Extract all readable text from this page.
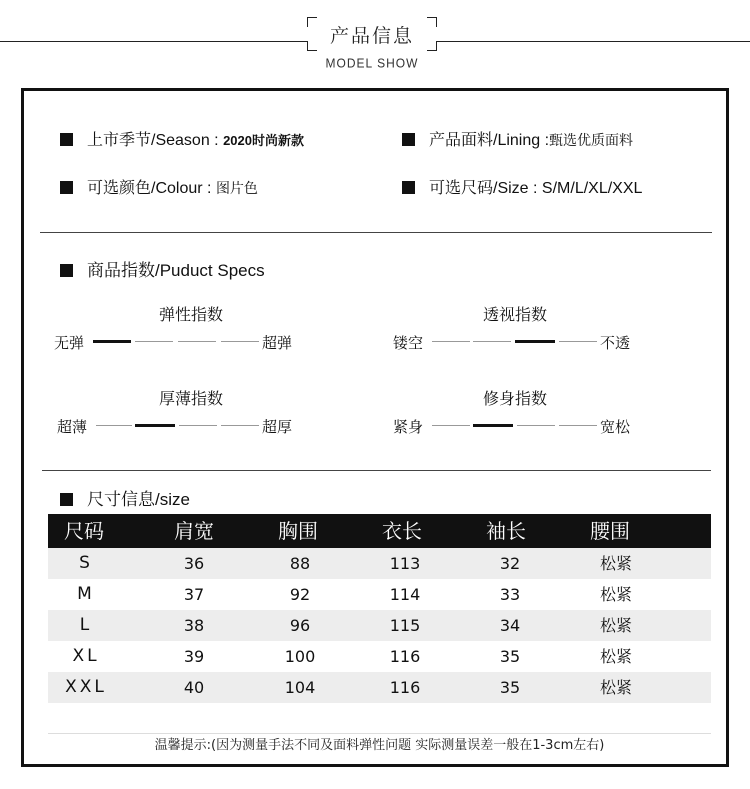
产品信息
MODEL SHOW
上市季节/Season : 2020时尚新款	产品面料/Lining :甄选优质面料
可选颜色/Colour : 图片色	可选尺码/Size : S/M/L/XL/XXL
商品指数/Puduct Specs
弹性指数
无弹	超弹
透视指数
镂空	不透
厚薄指数
超薄	超厚
修身指数
紧身	宽松
尺寸信息/size
尺码	肩宽	胸围	衣长	袖长	腰围
S	36	88	113	32	松紧
M	37	92	114	33	松紧
L	38	96	115	34	松紧
XL	39	100	116	35	松紧
XXL	40	104	116	35	松紧
温馨提示:(因为测量手法不同及面料弹性问题 实际测量误差一般在1-3cm左右)
